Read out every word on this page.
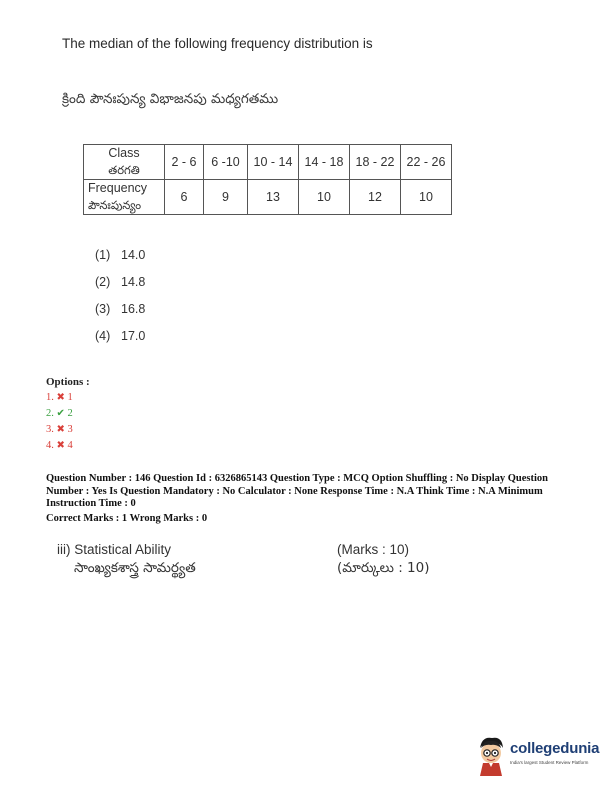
The median of the following frequency distribution is
క్రింది పౌనఃపున్య విభాజనపు మధ్యగతము
Class
తరగతి	2 - 6	6 -10	10 - 14	14 - 18	18 - 22	22 - 26

Frequency
పౌనఃపున్యం	6	9	13	10	12	10
(1) 14.0
(2) 14.8
(3) 16.8
(4) 17.0
Options :
1. ✖ 1
2. ✔ 2
3. ✖ 3
4. ✖ 4
Question Number : 146 Question Id : 6326865143 Question Type : MCQ Option Shuffling : No Display Question Number : Yes Is Question Mandatory : No Calculator : None Response Time : N.A Think Time : N.A Minimum Instruction Time : 0
Correct Marks : 1 Wrong Marks : 0
iii) Statistical Ability
సాంఖ్యకశాస్త్ర సామర్థ్యత
(Marks : 10)
(మార్కులు : 10)
collegedunia
India's largest Student Review Platform
